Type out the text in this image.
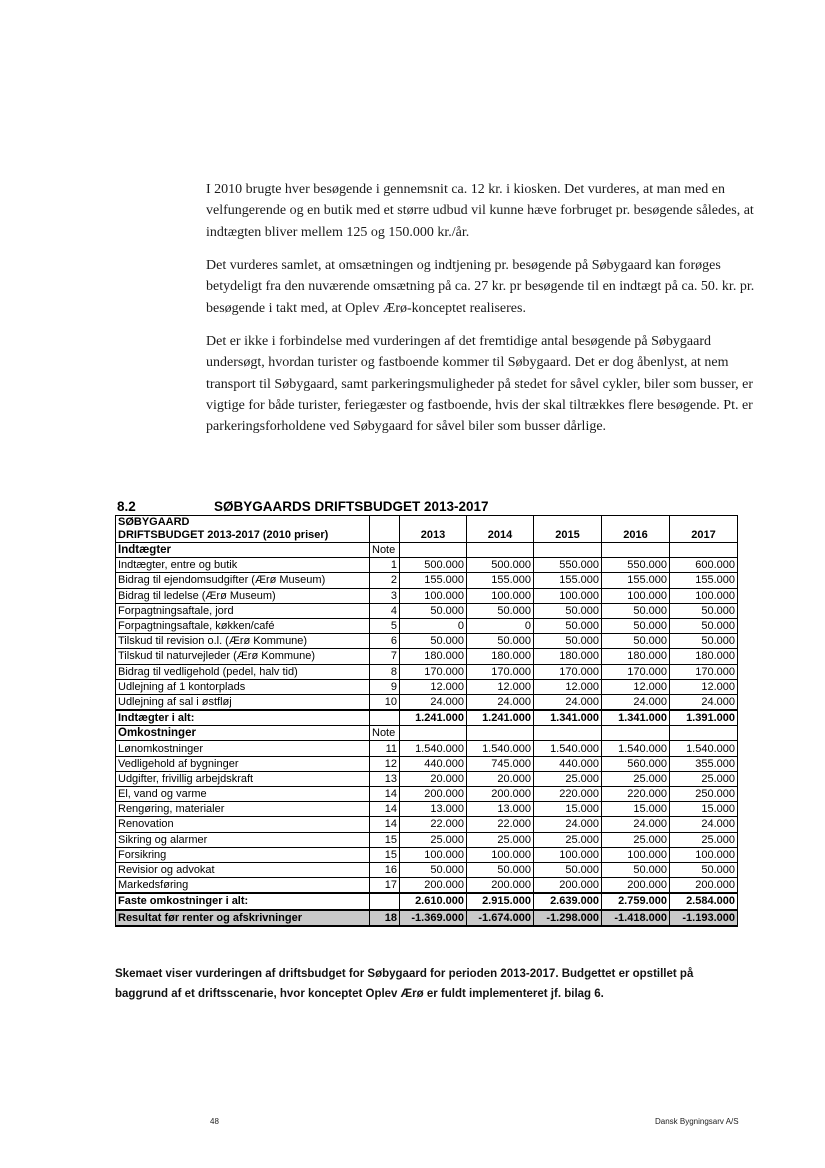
I 2010 brugte hver besøgende i gennemsnit ca. 12 kr. i kiosken. Det vurderes, at man med en velfungerende og en butik med et større udbud vil kunne hæve forbruget pr. besøgende således, at indtægten bliver mellem 125 og 150.000 kr./år.

Det vurderes samlet, at omsætningen og indtjening pr. besøgende på Søbygaard kan forøges betydeligt fra den nuværende omsætning på ca. 27 kr. pr besøgende til en indtægt på ca. 50. kr. pr. besøgende i takt med, at Oplev Ærø-konceptet realiseres.

Det er ikke i forbindelse med vurderingen af det fremtidige antal besøgende på Søbygaard undersøgt, hvordan turister og fastboende kommer til Søbygaard. Det er dog åbenlyst, at nem transport til Søbygaard, samt parkeringsmuligheder på stedet for såvel cykler, biler som busser, er vigtige for både turister, feriegæster og fastboende, hvis der skal tiltrækkes flere besøgende. Pt. er parkeringsforholdene ved Søbygaard for såvel biler som busser dårlige.

8.2	SØBYGAARDS DRIFTSBUDGET 2013-2017
SØBYGAARD
DRIFTSBUDGET 2013-2017 (2010 priser)		2013	2014	2015	2016	2017
Indtægter	Note					
Indtægter, entre og butik	1	500.000	500.000	550.000	550.000	600.000
Bidrag til ejendomsudgifter (Ærø Museum)	2	155.000	155.000	155.000	155.000	155.000
Bidrag til ledelse (Ærø Museum)	3	100.000	100.000	100.000	100.000	100.000
Forpagtningsaftale, jord	4	50.000	50.000	50.000	50.000	50.000
Forpagtningsaftale, køkken/café	5	0	0	50.000	50.000	50.000
Tilskud til revision o.l. (Ærø Kommune)	6	50.000	50.000	50.000	50.000	50.000
Tilskud til naturvejleder (Ærø Kommune)	7	180.000	180.000	180.000	180.000	180.000
Bidrag til vedligehold (pedel, halv tid)	8	170.000	170.000	170.000	170.000	170.000
Udlejning af 1 kontorplads	9	12.000	12.000	12.000	12.000	12.000
Udlejning af sal i østfløj	10	24.000	24.000	24.000	24.000	24.000
Indtægter i alt:		1.241.000	1.241.000	1.341.000	1.341.000	1.391.000
Omkostninger	Note					
Lønomkostninger	11	1.540.000	1.540.000	1.540.000	1.540.000	1.540.000
Vedligehold af bygninger	12	440.000	745.000	440.000	560.000	355.000
Udgifter, frivillig arbejdskraft	13	20.000	20.000	25.000	25.000	25.000
El, vand og varme	14	200.000	200.000	220.000	220.000	250.000
Rengøring, materialer	14	13.000	13.000	15.000	15.000	15.000
Renovation	14	22.000	22.000	24.000	24.000	24.000
Sikring og alarmer	15	25.000	25.000	25.000	25.000	25.000
Forsikring	15	100.000	100.000	100.000	100.000	100.000
Revisior og advokat	16	50.000	50.000	50.000	50.000	50.000
Markedsføring	17	200.000	200.000	200.000	200.000	200.000
Faste omkostninger i alt:		2.610.000	2.915.000	2.639.000	2.759.000	2.584.000
Resultat før renter og afskrivninger	18	-1.369.000	-1.674.000	-1.298.000	-1.418.000	-1.193.000

Skemaet viser vurderingen af driftsbudget for Søbygaard for perioden 2013-2017. Budgettet er opstillet på baggrund af et driftsscenarie, hvor konceptet Oplev Ærø er fuldt implementeret jf. bilag 6.

48	Dansk Bygningsarv A/S
